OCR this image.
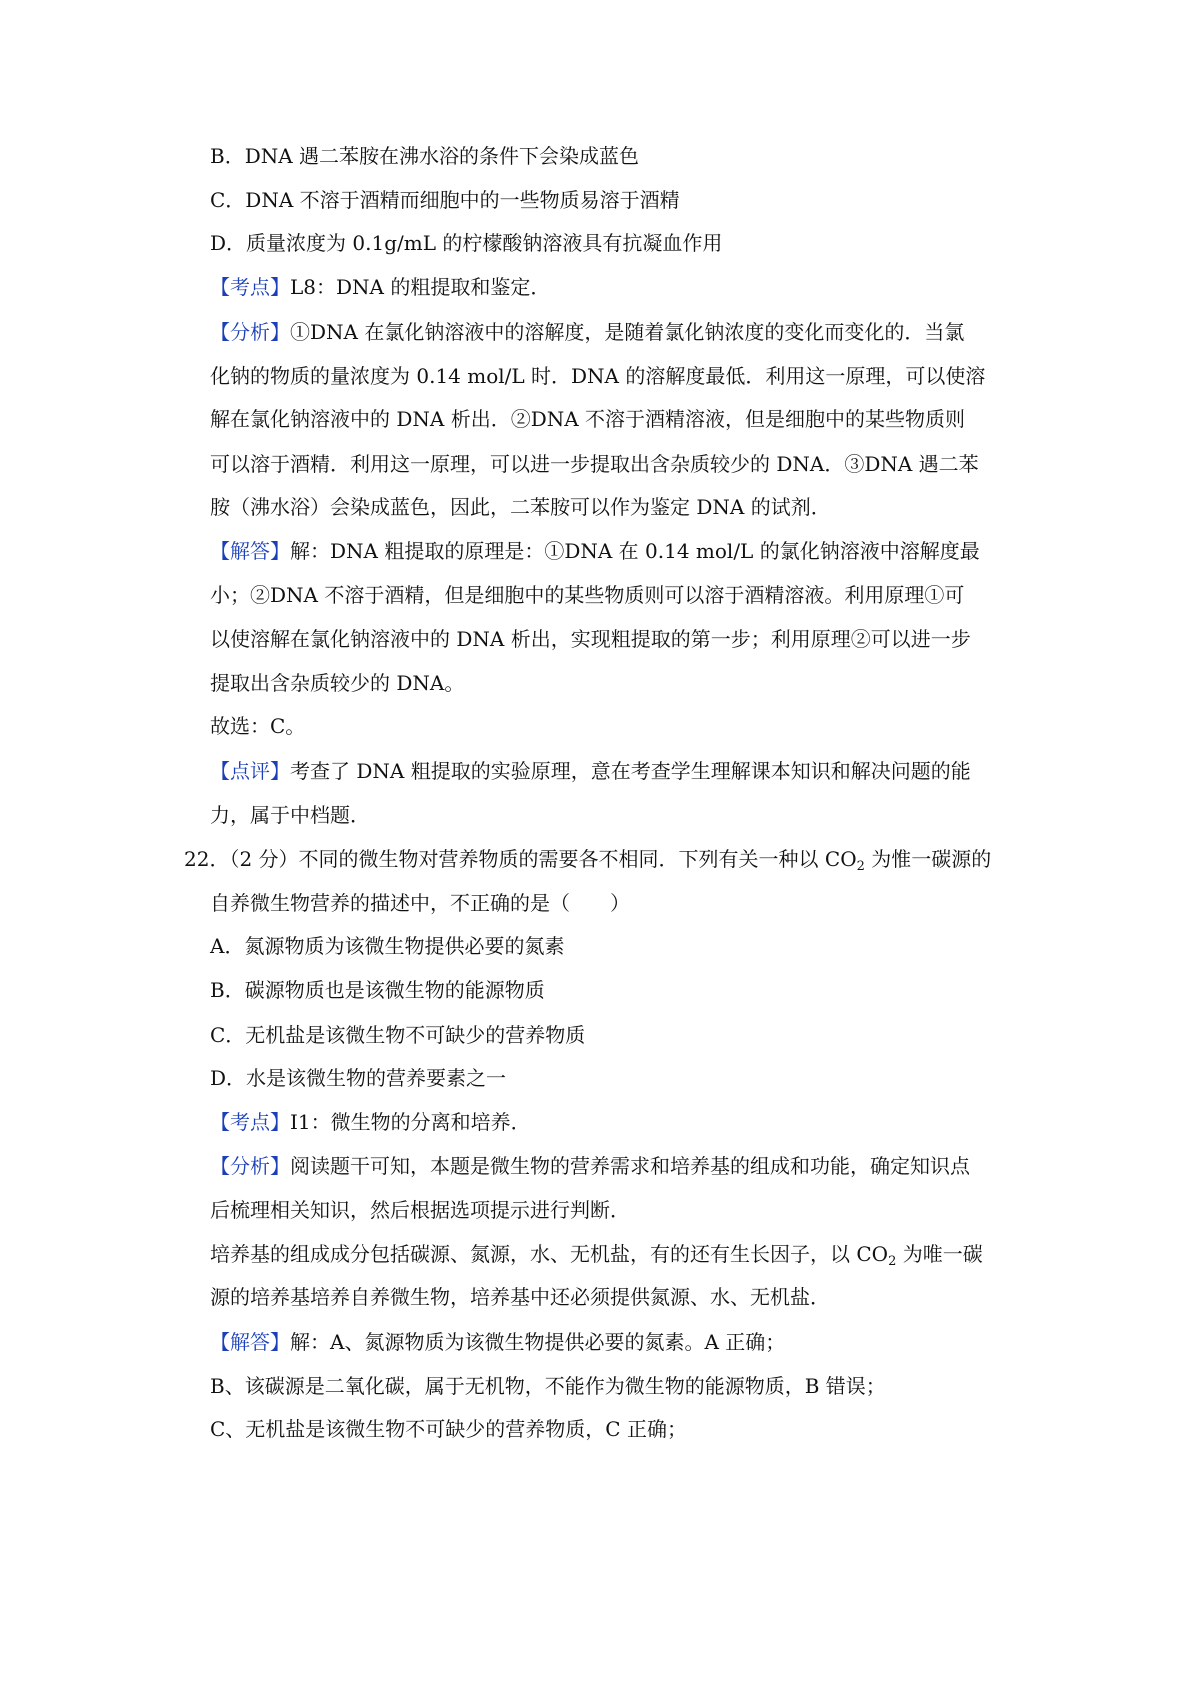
B．DNA 遇二苯胺在沸水浴的条件下会染成蓝色
C．DNA 不溶于酒精而细胞中的一些物质易溶于酒精
D．质量浓度为 0.1g/mL 的柠檬酸钠溶液具有抗凝血作用
【考点】L8：DNA 的粗提取和鉴定．
【分析】①DNA 在氯化钠溶液中的溶解度，是随着氯化钠浓度的变化而变化的．当氯
化钠的物质的量浓度为 0.14 mol/L 时．DNA 的溶解度最低．利用这一原理，可以使溶
解在氯化钠溶液中的 DNA 析出．②DNA 不溶于酒精溶液，但是细胞中的某些物质则
可以溶于酒精．利用这一原理，可以进一步提取出含杂质较少的 DNA．③DNA 遇二苯
胺（沸水浴）会染成蓝色，因此，二苯胺可以作为鉴定 DNA 的试剂．
【解答】解：DNA 粗提取的原理是：①DNA 在 0.14 mol/L 的氯化钠溶液中溶解度最
小；②DNA 不溶于酒精，但是细胞中的某些物质则可以溶于酒精溶液。利用原理①可
以使溶解在氯化钠溶液中的 DNA 析出，实现粗提取的第一步；利用原理②可以进一步
提取出含杂质较少的 DNA。
故选：C。
【点评】考查了 DNA 粗提取的实验原理，意在考查学生理解课本知识和解决问题的能
力，属于中档题．
22．（2 分）不同的微生物对营养物质的需要各不相同．下列有关一种以 $CO_2$ 为惟一碳源的
自养微生物营养的描述中，不正确的是（　　）
A．氮源物质为该微生物提供必要的氮素
B．碳源物质也是该微生物的能源物质
C．无机盐是该微生物不可缺少的营养物质
D．水是该微生物的营养要素之一
【考点】I1：微生物的分离和培养．
【分析】阅读题干可知，本题是微生物的营养需求和培养基的组成和功能，确定知识点
后梳理相关知识，然后根据选项提示进行判断．
培养基的组成成分包括碳源、氮源，水、无机盐，有的还有生长因子，以 $CO_2$ 为唯一碳
源的培养基培养自养微生物，培养基中还必须提供氮源、水、无机盐．
【解答】解：A、氮源物质为该微生物提供必要的氮素。A 正确；
B、该碳源是二氧化碳，属于无机物，不能作为微生物的能源物质，B 错误；
C、无机盐是该微生物不可缺少的营养物质，C 正确；
